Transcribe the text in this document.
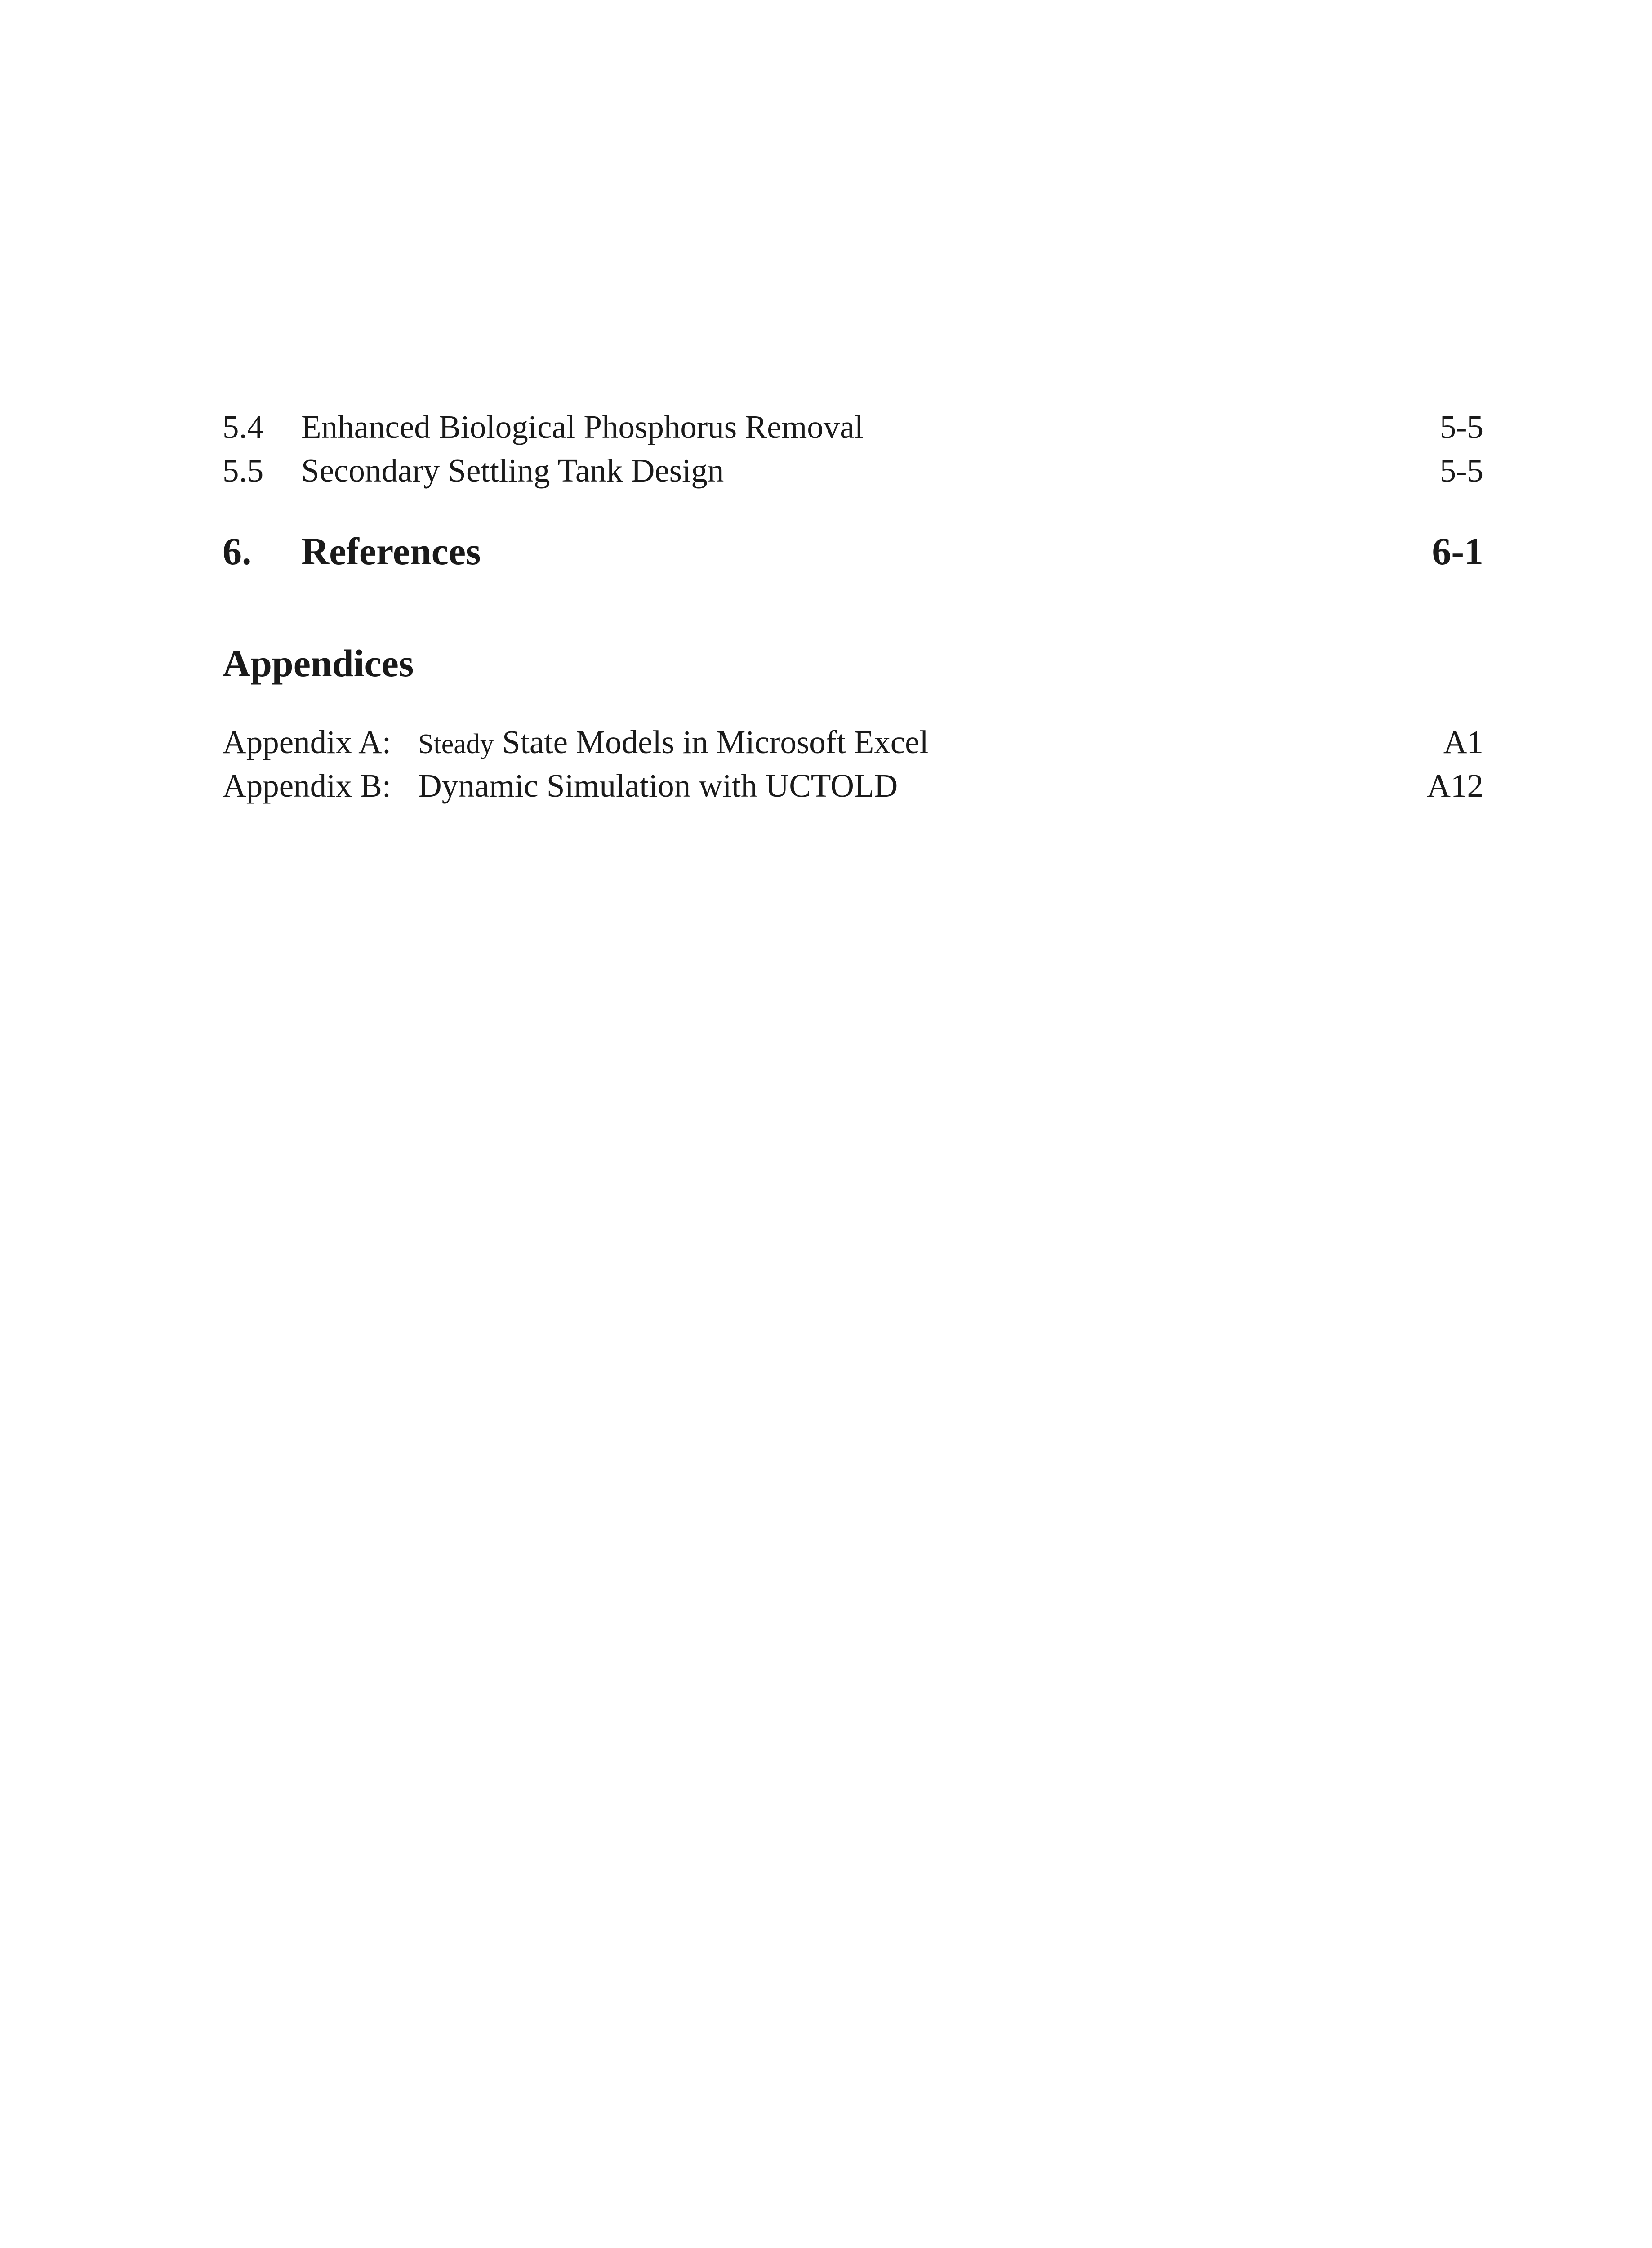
5.4 Enhanced Biological Phosphorus Removal	5-5
5.5 Secondary Settling Tank Design	5-5
6. References	6-1
Appendices
Appendix A: Steady State Models in Microsoft Excel	A1
Appendix B: Dynamic Simulation with UCTOLD	A12
